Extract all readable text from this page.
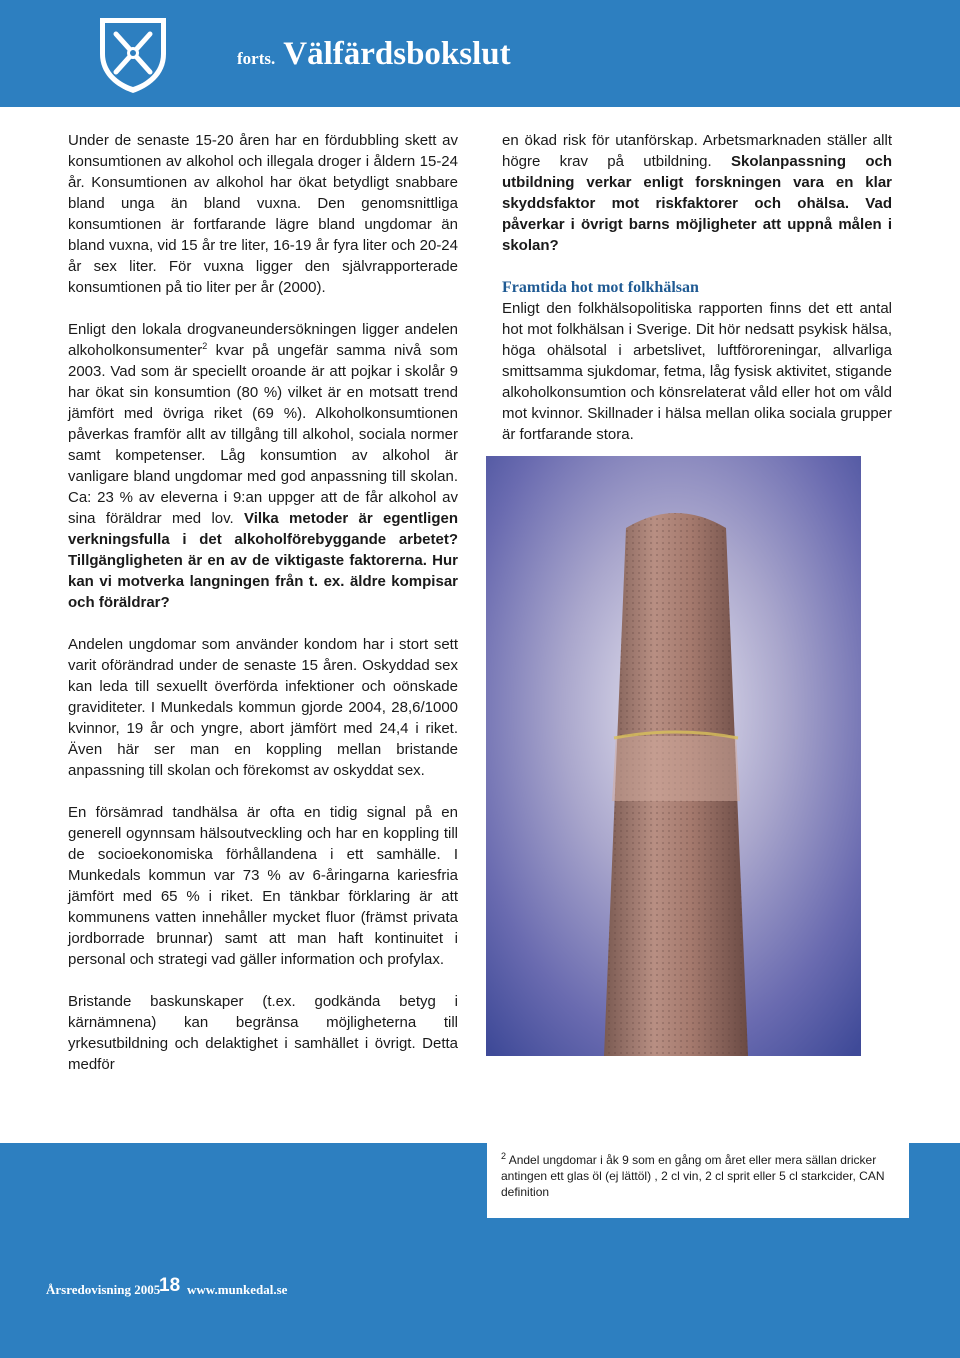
forts. Välfärdsbokslut

Under de senaste 15-20 åren har en fördubbling skett av konsumtionen av alkohol och illegala droger i åldern 15-24 år. Konsumtionen av alkohol har ökat betydligt snabbare bland unga än bland vuxna. Den genomsnittliga konsumtionen är fortfarande lägre bland ungdomar än bland vuxna, vid 15 år tre liter, 16-19 år fyra liter och 20-24 år sex liter. För vuxna ligger den självrapporterade konsumtionen på tio liter per år (2000).

Enligt den lokala drogvaneundersökningen ligger andelen alkoholkonsumenter$^2$ kvar på ungefär samma nivå som 2003. Vad som är speciellt oroande är att pojkar i skolår 9 har ökat sin konsumtion (80 %) vilket är en motsatt trend jämfört med övriga riket (69 %). Alkoholkonsumtionen påverkas framför allt av tillgång till alkohol, sociala normer samt kompetenser. Låg konsumtion av alkohol är vanligare bland ungdomar med god anpassning till skolan. Ca: 23 % av eleverna i 9:an uppger att de får alkohol av sina föräldrar med lov. Vilka metoder är egentligen verkningsfulla i det alkoholförebyggande arbetet? Tillgängligheten är en av de viktigaste faktorerna. Hur kan vi motverka langningen från t. ex. äldre kompisar och föräldrar?

Andelen ungdomar som använder kondom har i stort sett varit oförändrad under de senaste 15 åren. Oskyddad sex kan leda till sexuellt överförda infektioner och oönskade graviditeter. I Munkedals kommun gjorde 2004, 28,6/1000 kvinnor, 19 år och yngre, abort jämfört med 24,4 i riket. Även här ser man en koppling mellan bristande anpassning till skolan och förekomst av oskyddat sex.

En försämrad tandhälsa är ofta en tidig signal på en generell ogynnsam hälsoutveckling och har en koppling till de socioekonomiska förhållandena i ett samhälle. I Munkedals kommun var 73 % av 6-åringarna kariesfria jämfört med 65 % i riket. En tänkbar förklaring är att kommunens vatten innehåller mycket fluor (främst privata jordborrade brunnar) samt att man haft kontinuitet i personal och strategi vad gäller information och profylax.

Bristande baskunskaper (t.ex. godkända betyg i kärnämnena) kan begränsa möjligheterna till yrkesutbildning och delaktighet i samhället i övrigt. Detta medför

en ökad risk för utanförskap. Arbetsmarknaden ställer allt högre krav på utbildning. Skolanpassning och utbildning verkar enligt forskningen vara en klar skyddsfaktor mot riskfaktorer och ohälsa. Vad påverkar i övrigt barns möjligheter att uppnå målen i skolan?

Framtida hot mot folkhälsan

Enligt den folkhälsopolitiska rapporten finns det ett antal hot mot folkhälsan i Sverige. Dit hör nedsatt psykisk hälsa, höga ohälsotal i arbetslivet, luftföroreningar, allvarliga smittsamma sjukdomar, fetma, låg fysisk aktivitet, stigande alkoholkonsumtion och könsrelaterat våld eller hot om våld mot kvinnor. Skillnader i hälsa mellan olika sociala grupper är fortfarande stora.

$^2$ Andel ungdomar i åk 9 som en gång om året eller mera sällan dricker antingen ett glas öl (ej lättöl) , 2 cl vin, 2 cl sprit eller 5 cl starkcider, CAN definition
Årsredovisning 2005
18 www.munkedal.se
